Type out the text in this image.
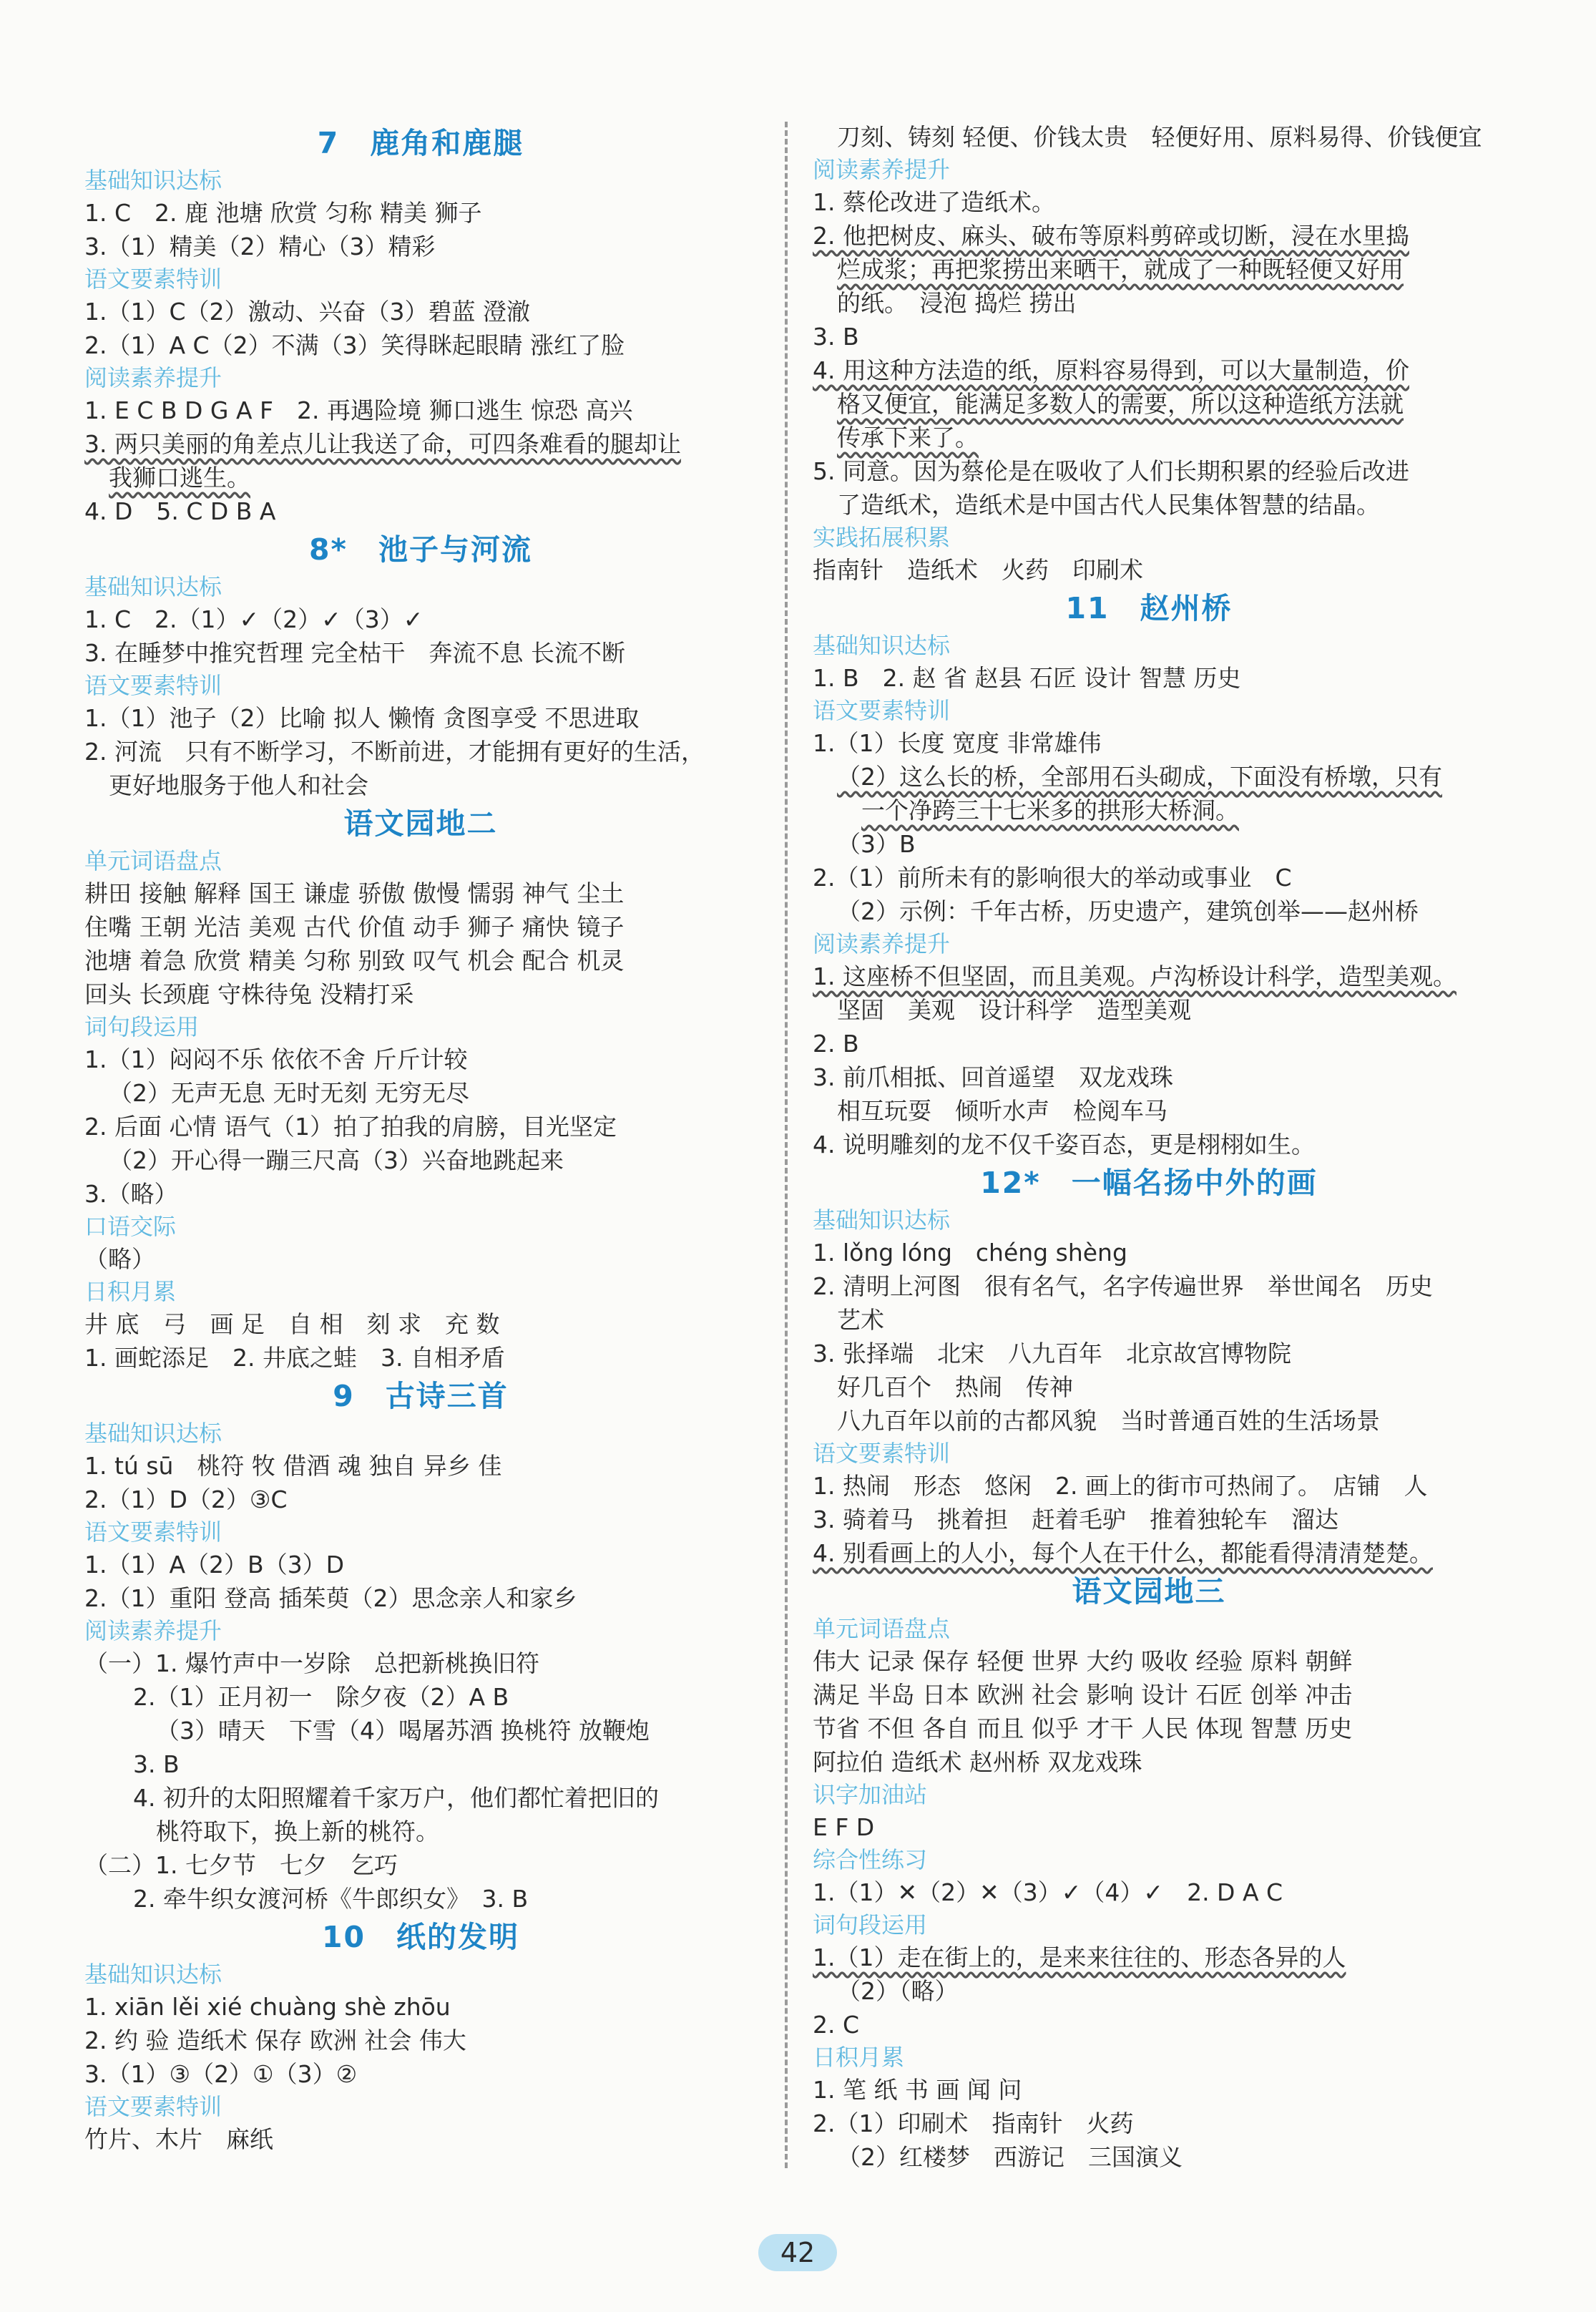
7　鹿角和鹿腿
基础知识达标
1. C　2. 鹿 池塘 欣赏 匀称 精美 狮子
3.（1）精美（2）精心（3）精彩
语文要素特训
1.（1）C（2）激动、兴奋（3）碧蓝 澄澈
2.（1）A C（2）不满（3）笑得眯起眼睛 涨红了脸
阅读素养提升
1. E C B D G A F　2. 再遇险境 狮口逃生 惊恐 高兴
3. 两只美丽的角差点儿让我送了命，可四条难看的腿却让
我狮口逃生。
4. D　5. C D B A
8*　池子与河流
基础知识达标
1. C　2.（1）✓（2）✓（3）✓
3. 在睡梦中推究哲理 完全枯干　奔流不息 长流不断
语文要素特训
1.（1）池子（2）比喻 拟人 懒惰 贪图享受 不思进取
2. 河流　只有不断学习，不断前进，才能拥有更好的生活，
更好地服务于他人和社会
语文园地二
单元词语盘点
耕田 接触 解释 国王 谦虚 骄傲 傲慢 懦弱 神气 尘土
住嘴 王朝 光洁 美观 古代 价值 动手 狮子 痛快 镜子
池塘 着急 欣赏 精美 匀称 别致 叹气 机会 配合 机灵
回头 长颈鹿 守株待兔 没精打采
词句段运用
1.（1）闷闷不乐 依依不舍 斤斤计较
（2）无声无息 无时无刻 无穷无尽
2. 后面 心情 语气（1）拍了拍我的肩膀，目光坚定
（2）开心得一蹦三尺高（3）兴奋地跳起来
3.（略）
口语交际
（略）
日积月累
井 底　弓　画 足　自 相　刻 求　充 数
1. 画蛇添足　2. 井底之蛙　3. 自相矛盾
9　古诗三首
基础知识达标
1. tú sū　桃符 牧 借酒 魂 独自 异乡 佳
2.（1）D（2）③C
语文要素特训
1.（1）A（2）B（3）D
2.（1）重阳 登高 插茱萸（2）思念亲人和家乡
阅读素养提升
（一）1. 爆竹声中一岁除　总把新桃换旧符
2.（1）正月初一　除夕夜（2）A B
（3）晴天　下雪（4）喝屠苏酒 换桃符 放鞭炮
3. B
4. 初升的太阳照耀着千家万户，他们都忙着把旧的
桃符取下，换上新的桃符。
（二）1. 七夕节　七夕　乞巧
2. 牵牛织女渡河桥《牛郎织女》　3. B
10　纸的发明
基础知识达标
1. xiān lěi xié chuàng shè zhōu
2. 约 验 造纸术 保存 欧洲 社会 伟大
3.（1）③（2）①（3）②
语文要素特训
竹片、木片　麻纸
刀刻、铸刻 轻便、价钱太贵　轻便好用、原料易得、价钱便宜
阅读素养提升
1. 蔡伦改进了造纸术。
2. 他把树皮、麻头、破布等原料剪碎或切断，浸在水里捣
烂成浆；再把浆捞出来晒干，就成了一种既轻便又好用
的纸。　浸泡 捣烂 捞出
3. B
4. 用这种方法造的纸，原料容易得到，可以大量制造，价
格又便宜，能满足多数人的需要，所以这种造纸方法就
传承下来了。
5. 同意。因为蔡伦是在吸收了人们长期积累的经验后改进
了造纸术，造纸术是中国古代人民集体智慧的结晶。
实践拓展积累
指南针　造纸术　火药　印刷术
11　赵州桥
基础知识达标
1. B　2. 赵 省 赵县 石匠 设计 智慧 历史
语文要素特训
1.（1）长度 宽度 非常雄伟
（2）这么长的桥，全部用石头砌成，下面没有桥墩，只有
一个净跨三十七米多的拱形大桥洞。
（3）B
2.（1）前所未有的影响很大的举动或事业　C
（2）示例：千年古桥，历史遗产，建筑创举——赵州桥
阅读素养提升
1. 这座桥不但坚固，而且美观。卢沟桥设计科学，造型美观。
坚固　美观　设计科学　造型美观
2. B
3. 前爪相抵、回首遥望　双龙戏珠
相互玩耍　倾听水声　检阅车马
4. 说明雕刻的龙不仅千姿百态，更是栩栩如生。
12*　一幅名扬中外的画
基础知识达标
1. lǒng lóng　chéng shèng
2. 清明上河图　很有名气，名字传遍世界　举世闻名　历史
艺术
3. 张择端　北宋　八九百年　北京故宫博物院
好几百个　热闹　传神
八九百年以前的古都风貌　当时普通百姓的生活场景
语文要素特训
1. 热闹　形态　悠闲　2. 画上的街市可热闹了。　店铺　人
3. 骑着马　挑着担　赶着毛驴　推着独轮车　溜达
4. 别看画上的人小，每个人在干什么，都能看得清清楚楚。
语文园地三
单元词语盘点
伟大 记录 保存 轻便 世界 大约 吸收 经验 原料 朝鲜
满足 半岛 日本 欧洲 社会 影响 设计 石匠 创举 冲击
节省 不但 各自 而且 似乎 才干 人民 体现 智慧 历史
阿拉伯 造纸术 赵州桥 双龙戏珠
识字加油站
E F D
综合性练习
1.（1）✕（2）✕（3）✓（4）✓　2. D A C
词句段运用
1.（1）走在街上的，是来来往往的、形态各异的人
（2）（略）
2. C
日积月累
1. 笔 纸 书 画 闻 问
2.（1）印刷术　指南针　火药
（2）红楼梦　西游记　三国演义
42
